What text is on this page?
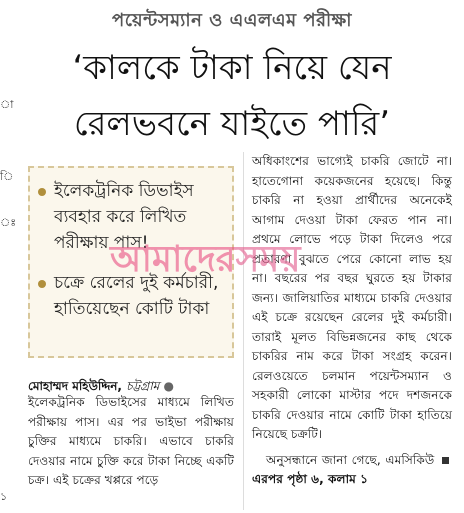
া
ি
ঃ
১
পয়েন্টসম্যান ও এএলএম পরীক্ষা
‘কালকে টাকা নিয়ে যেন
রেলভবনে যাইতে পারি’
ইলেকট্রনিক ডিভাইস ব্যবহার করে লিখিত পরীক্ষায় পাস!
চক্রে রেলের দুই কর্মচারী, হাতিয়েছেন কোটি টাকা
মোহাম্মদ মহিউদ্দিন, চট্টগ্রাম ●
ইলেকট্রনিক ডিভাইসের মাধ্যমে লিখিত পরীক্ষায় পাস। এর পর ভাইভা পরীক্ষায় চুক্তির মাধ্যমে চাকরি। এভাবে চাকরি দেওয়ার নামে চুক্তি করে টাকা নিচ্ছে একটি চক্র। এই চক্রের খপ্পরে পড়ে
অধিকাংশের ভাগ্যেই চাকরি জোটে না। হাতেগোনা কয়েকজনের হয়েছে। কিন্তু চাকরি না হওয়া প্রার্থীদের অনেকেই আগাম দেওয়া টাকা ফেরত পান না। প্রথমে লোভে পড়ে টাকা দিলেও পরে প্রতারণা বুঝতে পেরে কোনো লাভ হয় না। বছরের পর বছর ঘুরতে হয় টাকার জন্য। জালিয়াতির মাধ্যমে চাকরি দেওয়ার এই চক্রে রয়েছেন রেলের দুই কর্মচারী। তারাই মূলত বিভিন্নজনের কাছ থেকে চাকরির নাম করে টাকা সংগ্রহ করেন। রেলওয়েতে চলমান পয়েন্টসম্যান ও সহকারী লোকো মাস্টার পদে দশজনকে চাকরি দেওয়ার নামে কোটি টাকা হাতিয়ে নিয়েছে চক্রটি।
অনুসন্ধানে জানা গেছে, এমসিকিউ  এরপর পৃষ্ঠা ৬, কলাম ১
আমাদেরসময়
